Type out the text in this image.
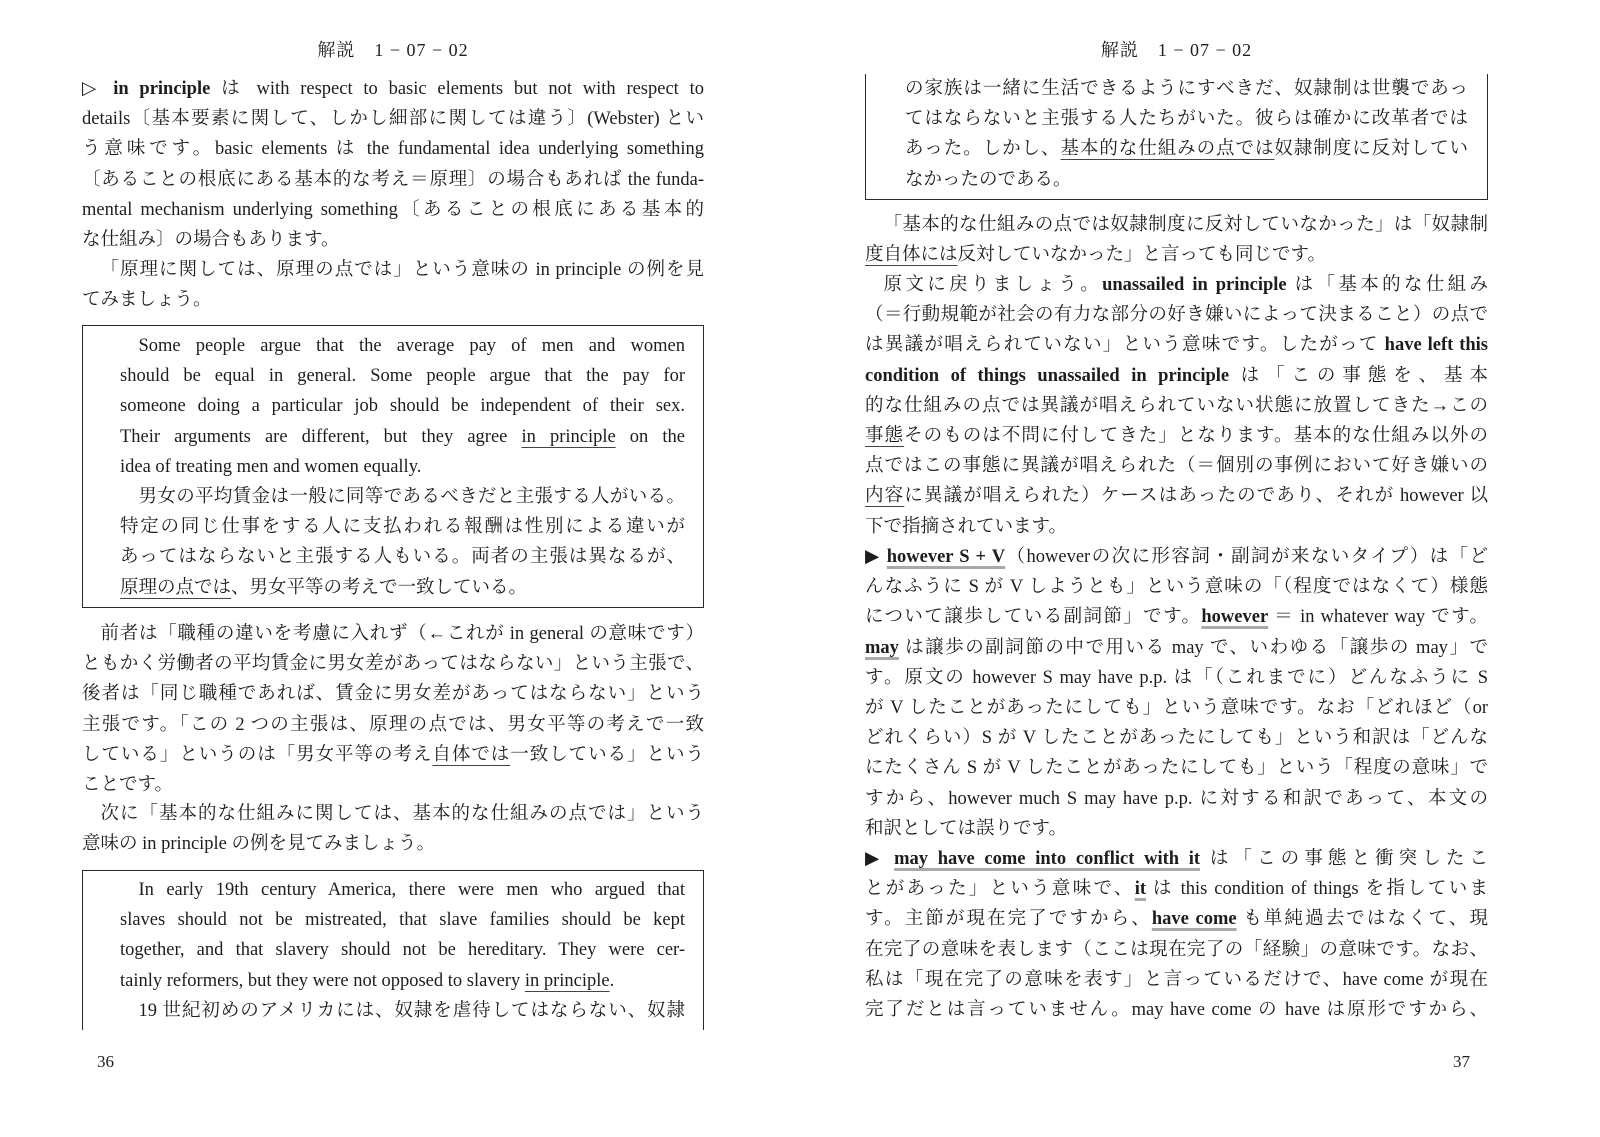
解説　1 − 07 − 02
▷ in principle は with respect to basic elements but not with respect to
details〔基本要素に関して、しかし細部に関しては違う〕(Webster) とい
う意味です。basic elements は the fundamental idea underlying something
〔あることの根底にある基本的な考え＝原理〕の場合もあれば the funda-
mental mechanism underlying something〔あることの根底にある基本的
な仕組み〕の場合もあります。
「原理に関しては、原理の点では」という意味の in principle の例を見
てみましょう。
Some people argue that the average pay of men and women
should be equal in general. Some people argue that the pay for
someone doing a particular job should be independent of their sex.
Their arguments are different, but they agree in principle on the
idea of treating men and women equally.
男女の平均賃金は一般に同等であるべきだと主張する人がいる。
特定の同じ仕事をする人に支払われる報酬は性別による違いが
あってはならないと主張する人もいる。両者の主張は異なるが、
原理の点では、男女平等の考えで一致している。
前者は「職種の違いを考慮に入れず（←これが in general の意味です）
ともかく労働者の平均賃金に男女差があってはならない」という主張で、
後者は「同じ職種であれば、賃金に男女差があってはならない」という
主張です。「この 2 つの主張は、原理の点では、男女平等の考えで一致
している」というのは「男女平等の考え自体では一致している」という
ことです。
次に「基本的な仕組みに関しては、基本的な仕組みの点では」という
意味の in principle の例を見てみましょう。
In early 19th century America, there were men who argued that
slaves should not be mistreated, that slave families should be kept
together, and that slavery should not be hereditary. They were cer-
tainly reformers, but they were not opposed to slavery in principle.
19 世紀初めのアメリカには、奴隷を虐待してはならない、奴隷
36
解説　1 − 07 − 02
の家族は一緒に生活できるようにすべきだ、奴隷制は世襲であっ
てはならないと主張する人たちがいた。彼らは確かに改革者では
あった。しかし、基本的な仕組みの点では奴隷制度に反対してい
なかったのである。
「基本的な仕組みの点では奴隷制度に反対していなかった」は「奴隷制
度自体には反対していなかった」と言っても同じです。
原文に戻りましょう。unassailed in principle は「基本的な仕組み
（＝行動規範が社会の有力な部分の好き嫌いによって決まること）の点で
は異議が唱えられていない」という意味です。したがって have left this
condition of things unassailed in principle は「この事態を、基本
的な仕組みの点では異議が唱えられていない状態に放置してきた→この
事態そのものは不問に付してきた」となります。基本的な仕組み以外の
点ではこの事態に異議が唱えられた（＝個別の事例において好き嫌いの
内容に異議が唱えられた）ケースはあったのであり、それが however 以
下で指摘されています。
▶ however S + V（howeverの次に形容詞・副詞が来ないタイプ）は「ど
んなふうに S が V しようとも」という意味の「（程度ではなくて）様態
について譲歩している副詞節」です。however ＝ in whatever way です。
may は譲歩の副詞節の中で用いる may で、いわゆる「譲歩の may」で
す。原文の however S may have p.p. は「（これまでに）どんなふうに S
が V したことがあったにしても」という意味です。なお「どれほど（or
どれくらい）S が V したことがあったにしても」という和訳は「どんな
にたくさん S が V したことがあったにしても」という「程度の意味」で
すから、however much S may have p.p. に対する和訳であって、本文の
和訳としては誤りです。
▶ may have come into conflict with it は「この事態と衝突したこ
とがあった」という意味で、it は this condition of things を指していま
す。主節が現在完了ですから、have come も単純過去ではなくて、現
在完了の意味を表します（ここは現在完了の「経験」の意味です。なお、
私は「現在完了の意味を表す」と言っているだけで、have come が現在
完了だとは言っていません。may have come の have は原形ですから、
37
